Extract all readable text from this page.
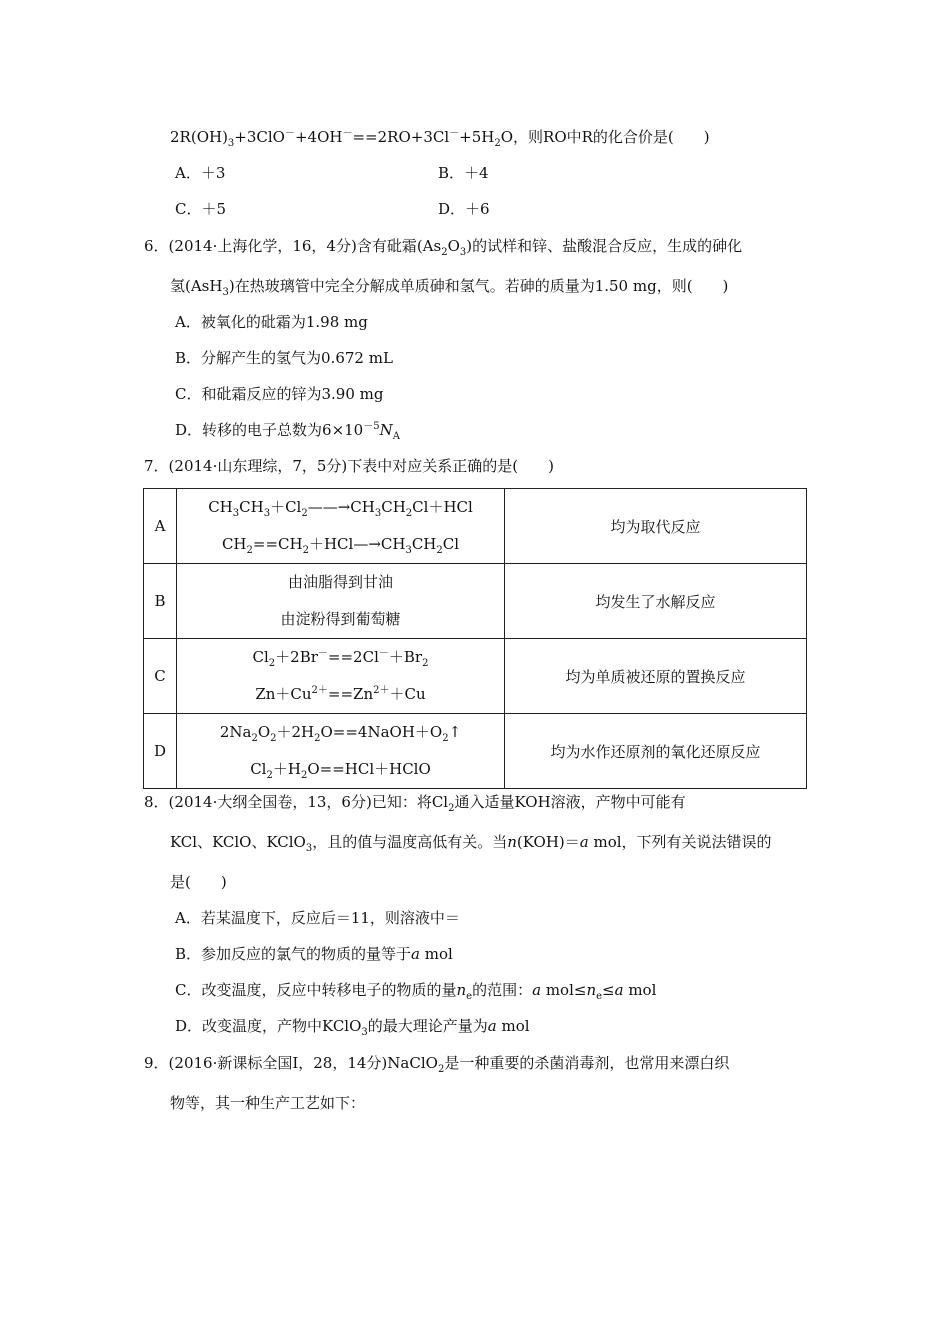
$2R(OH)_3+3ClO^-+4OH^-==2RO+3Cl^-+5H_2O$，则RO中R的化合价是(　　)
A．＋3	B．＋4
C．＋5	D．＋6
6．(2014·上海化学，16，4分)含有砒霜$(As_2O_3)$的试样和锌、盐酸混合反应，生成的砷化
氢(AsH$_3$)在热玻璃管中完全分解成单质砷和氢气。若砷的质量为1.50 mg，则(　　)
A．被氧化的砒霜为1.98 mg
B．分解产生的氢气为0.672 mL
C．和砒霜反应的锌为3.90 mg
D．转移的电子总数为$6\times 10^{-5}N_A$
7．(2014·山东理综，7，5分)下表中对应关系正确的是(　　)
A	$CH_3CH_3+Cl_2——\to CH_3CH_2Cl+HCl$
$CH_2==CH_2+HCl—\to CH_3CH_2Cl$	均为取代反应
B	由油脂得到甘油
由淀粉得到葡萄糖	均发生了水解反应
C	$Cl_2+2Br^-==2Cl^-+Br_2$
$Zn+Cu^{2+}==Zn^{2+}+Cu$	均为单质被还原的置换反应
D	$2Na_2O_2+2H_2O==4NaOH+O_2↑$
$Cl_2+H_2O==HCl+HClO$	均为水作还原剂的氧化还原反应
8．(2014·大纲全国卷，13，6分)已知：将$Cl_2$通入适量KOH溶液，产物中可能有
KCl、KClO、KClO$_3$，且的值与温度高低有关。当n(KOH)＝a mol，下列有关说法错误的
是(　　)
A．若某温度下，反应后＝11，则溶液中＝
B．参加反应的氯气的物质的量等于a mol
C．改变温度，反应中转移电子的物质的量$n_e$的范围：a $mol\le n_e\le a$ mol
D．改变温度，产物中KClO$_3$的最大理论产量为a mol
9．(2016·新课标全国Ⅰ，28，14分)NaClO$_2$是一种重要的杀菌消毒剂，也常用来漂白织
物等，其一种生产工艺如下：
